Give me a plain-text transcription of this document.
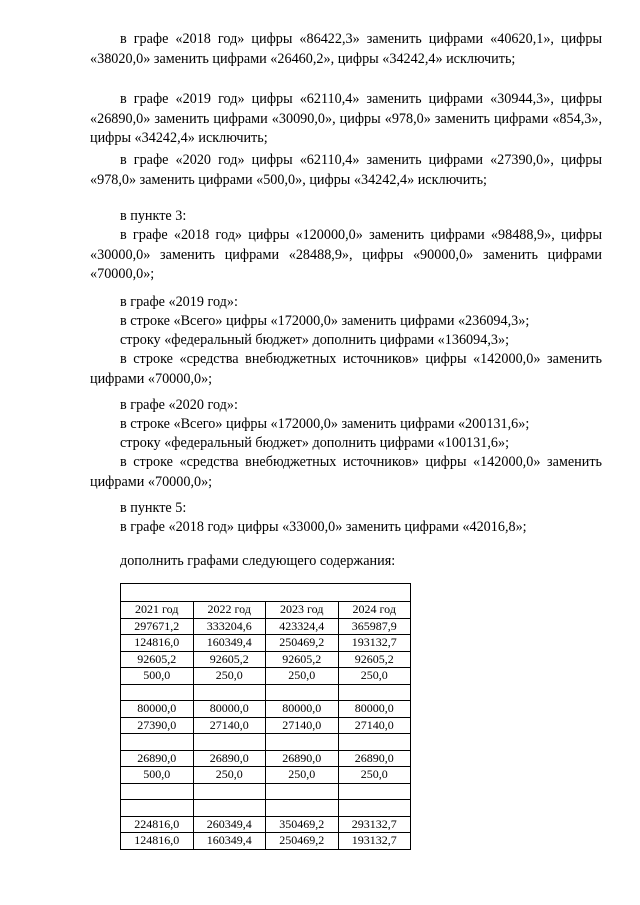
в графе «2018 год» цифры «86422,3» заменить цифрами «40620,1», цифры «38020,0» заменить цифрами «26460,2», цифры «34242,4» исключить;

в графе «2019 год» цифры «62110,4» заменить цифрами «30944,3», цифры «26890,0» заменить цифрами «30090,0», цифры «978,0» заменить цифрами «854,3», цифры «34242,4» исключить;

в графе «2020 год» цифры «62110,4» заменить цифрами «27390,0», цифры «978,0» заменить цифрами «500,0», цифры «34242,4» исключить;

в пункте 3:

в графе «2018 год» цифры «120000,0» заменить цифрами «98488,9», цифры «30000,0» заменить цифрами «28488,9», цифры «90000,0» заменить цифрами «70000,0»;

в графе «2019 год»:

в строке «Всего» цифры «172000,0» заменить цифрами «236094,3»;

строку «федеральный бюджет» дополнить цифрами «136094,3»;

в строке «средства внебюджетных источников» цифры «142000,0» заменить цифрами «70000,0»;

в графе «2020 год»:

в строке «Всего» цифры «172000,0» заменить цифрами «200131,6»;

строку «федеральный бюджет» дополнить цифрами «100131,6»;

в строке «средства внебюджетных источников» цифры «142000,0» заменить цифрами «70000,0»;

в пункте 5:

в графе «2018 год» цифры «33000,0» заменить цифрами «42016,8»;

дополнить графами следующего содержания:

2021 год	2022 год	2023 год	2024 год
297671,2	333204,6	423324,4	365987,9
124816,0	160349,4	250469,2	193132,7
92605,2	92605,2	92605,2	92605,2
500,0	250,0	250,0	250,0

80000,0	80000,0	80000,0	80000,0
27390,0	27140,0	27140,0	27140,0

26890,0	26890,0	26890,0	26890,0
500,0	250,0	250,0	250,0

224816,0	260349,4	350469,2	293132,7
124816,0	160349,4	250469,2	193132,7
